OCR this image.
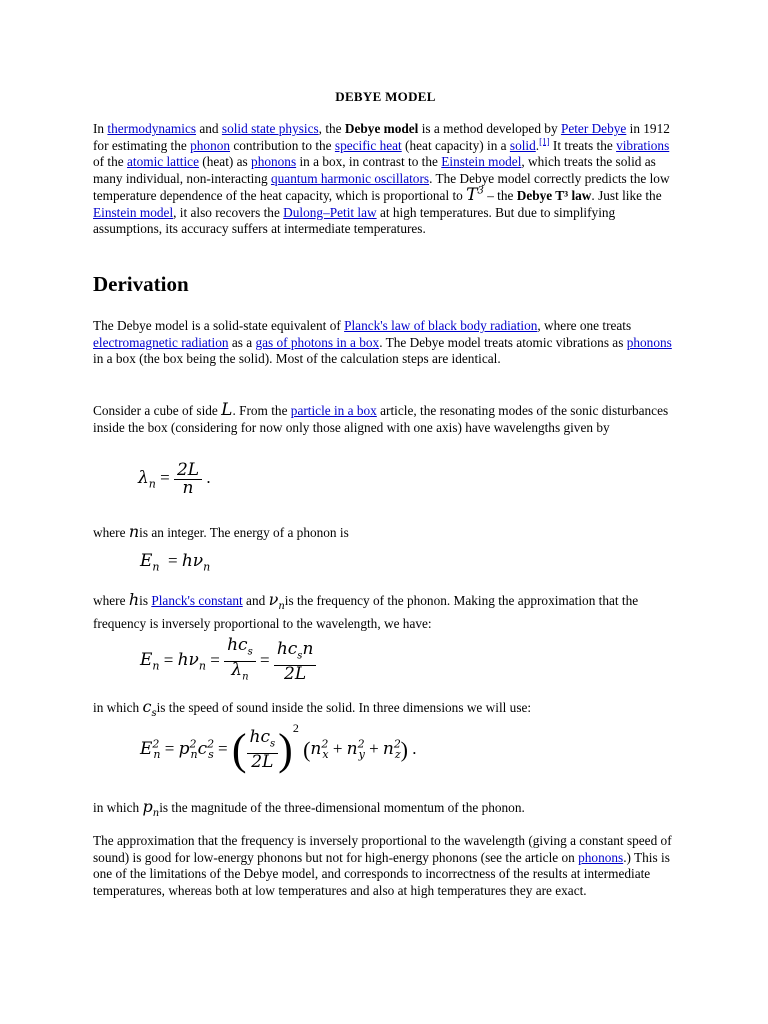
DEBYE MODEL
In thermodynamics and solid state physics, the Debye model is a method developed by Peter Debye in 1912 for estimating the phonon contribution to the specific heat (heat capacity) in a solid.[1] It treats the vibrations of the atomic lattice (heat) as phonons in a box, in contrast to the Einstein model, which treats the solid as many individual, non-interacting quantum harmonic oscillators. The Debye model correctly predicts the low temperature dependence of the heat capacity, which is proportional to $T^3$ – the Debye T³ law. Just like the Einstein model, it also recovers the Dulong–Petit law at high temperatures. But due to simplifying assumptions, its accuracy suffers at intermediate temperatures.
Derivation
The Debye model is a solid-state equivalent of Planck's law of black body radiation, where one treats electromagnetic radiation as a gas of photons in a box. The Debye model treats atomic vibrations as phonons in a box (the box being the solid). Most of the calculation steps are identical.
Consider a cube of side L. From the particle in a box article, the resonating modes of the sonic disturbances inside the box (considering for now only those aligned with one axis) have wavelengths given by
$\lambda_n = \frac{2L}{n}$ .
where nis an integer. The energy of a phonon is
$E_n = h\nu_n$
where his Planck's constant and $\nu_nis$ the frequency of the phonon. Making the approximation that the frequency is inversely proportional to the wavelength, we have:
$E_n = h\nu_n = \frac{hc_s}{\lambda_n} = \frac{hc_sn}{2L}$
in which $c_sis$ the speed of sound inside the solid. In three dimensions we will use:
$E^2_n = p^2_nc^2_s$ = ( $\frac{hc_s}{2L} )^2$ $(n^2_x + n^2_y + n^2_z)$ .
in which $p_nis$ the magnitude of the three-dimensional momentum of the phonon.
The approximation that the frequency is inversely proportional to the wavelength (giving a constant speed of sound) is good for low-energy phonons but not for high-energy phonons (see the article on phonons.) This is one of the limitations of the Debye model, and corresponds to incorrectness of the results at intermediate temperatures, whereas both at low temperatures and also at high temperatures they are exact.
